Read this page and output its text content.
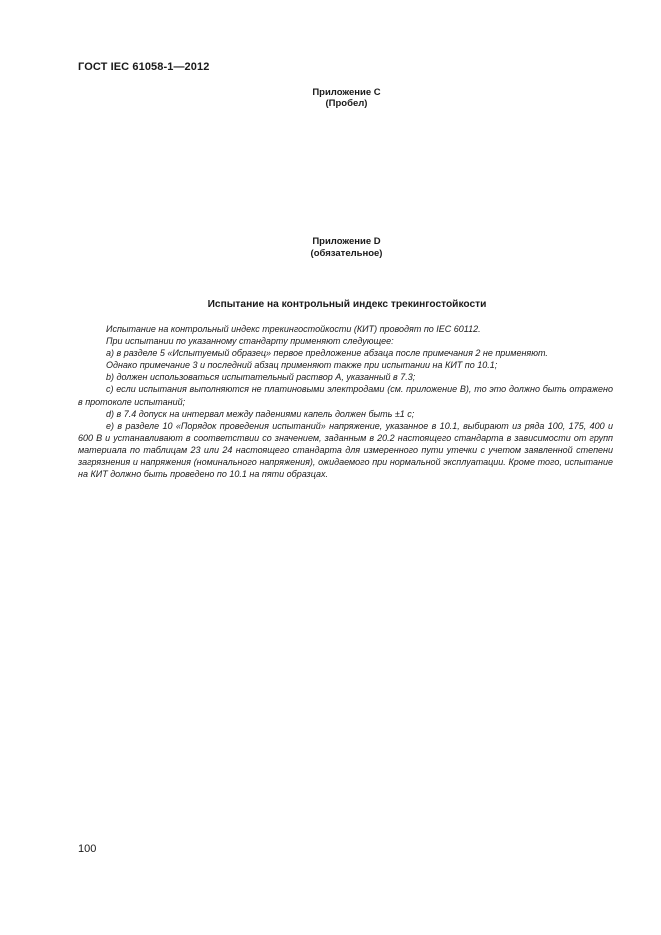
ГОСТ IEC 61058-1—2012
Приложение С
(Пробел)
Приложение D
(обязательное)
Испытание на контрольный индекс трекингостойкости

Испытание на контрольный индекс трекингостойкости (КИТ) проводят по IEC 60112.

При испытании по указанному стандарту применяют следующее:

а) в разделе 5 «Испытуемый образец» первое предложение абзаца после примечания 2 не применяют.

Однако примечание 3 и последний абзац применяют также при испытании на КИТ по 10.1;

b) должен использоваться испытательный раствор А, указанный в 7.3;

с) если испытания выполняются не платиновыми электродами (см. приложение В), то это должно быть отражено в протоколе испытаний;

d) в 7.4 допуск на интервал между падениями капель должен быть ±1 с;

е) в разделе 10 «Порядок проведения испытаний» напряжение, указанное в 10.1, выбирают из ряда 100, 175, 400 и 600 В и устанавливают в соответствии со значением, заданным в 20.2 настоящего стандарта в зависимости от групп материала по таблицам 23 или 24 настоящего стандарта для измеренного пути утечки с учетом заявленной степени загрязнения и напряжения (номинального напряжения), ожидаемого при нормальной эксплуатации. Кроме того, испытание на КИТ должно быть проведено по 10.1 на пяти образцах.

100
